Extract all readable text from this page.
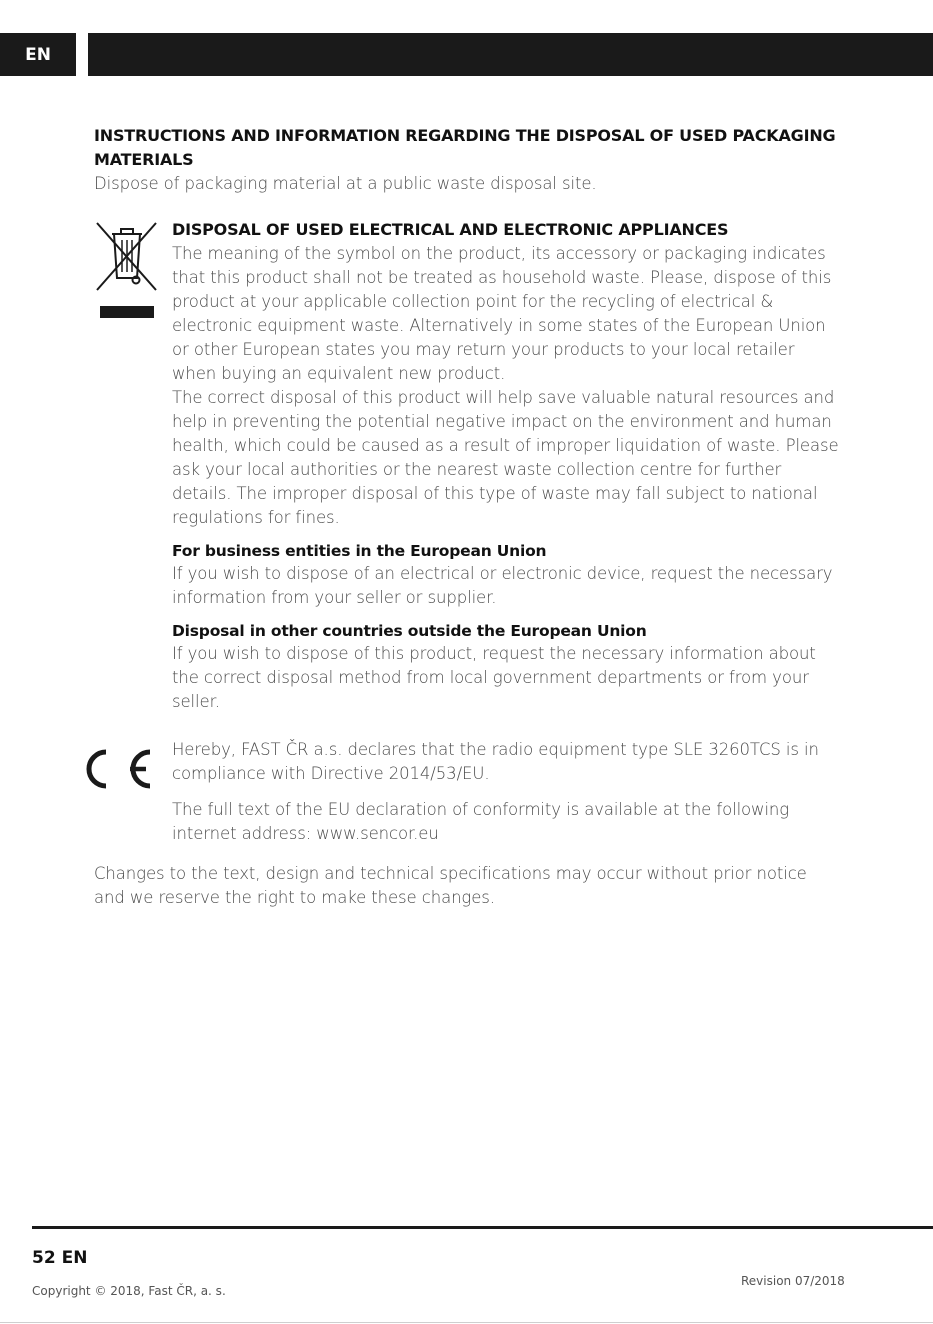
EN
INSTRUCTIONS AND INFORMATION REGARDING THE DISPOSAL OF USED PACKAGING MATERIALS
Dispose of packaging material at a public waste disposal site.
DISPOSAL OF USED ELECTRICAL AND ELECTRONIC APPLIANCES

The meaning of the symbol on the product, its accessory or packaging indicates that this product shall not be treated as household waste. Please, dispose of this product at your applicable collection point for the recycling of electrical & electronic equipment waste. Alternatively in some states of the European Union or other European states you may return your products to your local retailer when buying an equivalent new product.

The correct disposal of this product will help save valuable natural resources and help in preventing the potential negative impact on the environment and human health, which could be caused as a result of improper liquidation of waste. Please ask your local authorities or the nearest waste collection centre for further details. The improper disposal of this type of waste may fall subject to national regulations for fines.

For business entities in the European Union

If you wish to dispose of an electrical or electronic device, request the necessary information from your seller or supplier.

Disposal in other countries outside the European Union

If you wish to dispose of this product, request the necessary information about the correct disposal method from local government departments or from your seller.

Hereby, FAST ČR a.s. declares that the radio equipment type SLE 3260TCS is in compliance with Directive 2014/53/EU.

The full text of the EU declaration of conformity is available at the following internet address: www.sencor.eu

Changes to the text, design and technical specifications may occur without prior notice and we reserve the right to make these changes.
52 EN
Copyright © 2018, Fast ČR, a. s.
Revision 07/2018
